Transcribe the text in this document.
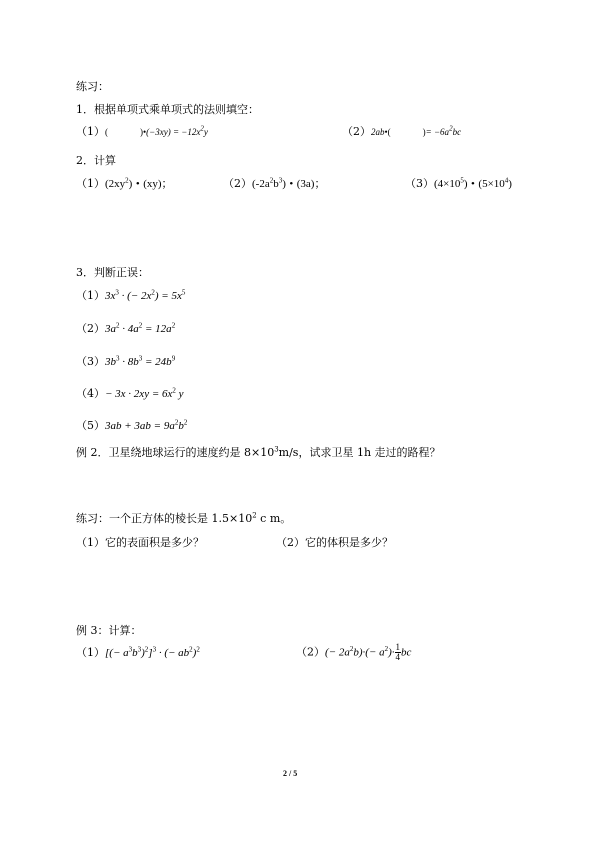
练习：
1．根据单项式乘单项式的法则填空：
（1）(	)•(−3xy) = $-12x^2y$	（2）2ab•(	)= $-6a^2bc$
2．计算
$(1)(2xy^2)$ • (xy)；	$(2)(-2a^2b^3)$ • (3a)；	$(3)(4\times 10^5)$ • $(5\times 10^4)$
3．判断正误：
$(1)3x^3$ · (− $2x^2) = 5x^5$
$(2)3a^2 \cdot 4a^2 = 12a^2$
$(3)3b^3 \cdot 8b^3 = 24b^9$
$(4)- 3x \cdot 2xy = 6x^2$ y
$(5)3ab + 3ab = 9a^2b^2$
例 2．卫星绕地球运行的速度约是 $8\times 10^3m/s$，试求卫星 1h 走过的路程？
练习：一个正方体的棱长是 $1.5\times 10^2$ c m。
（1）它的表面积是多少？	（2）它的体积是多少？
例 3：计算：
$(1)[(- a^3b^3)^2]^3$ · (− $ab^2)^2$	$(2)(- 2a^2b)\cdot(- a^2)\cdot \frac{1}{4}$ bc
2 / 5
